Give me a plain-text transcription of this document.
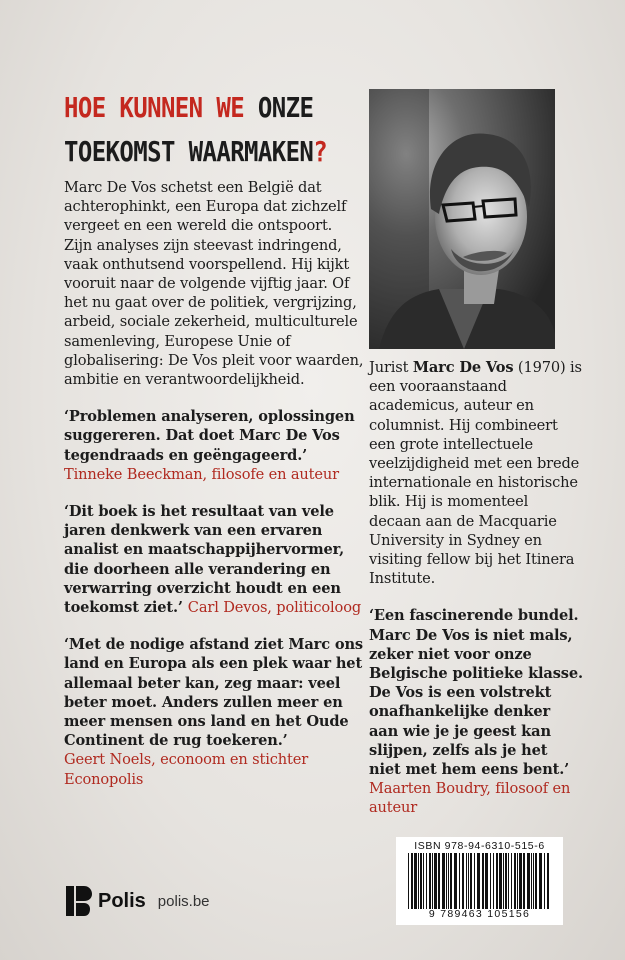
HOE KUNNEN WE ONZE
TOEKOMST WAARMAKEN?

Marc De Vos schetst een België dat achterophinkt, een Europa dat zichzelf vergeet en een wereld die ontspoort. Zijn analyses zijn steevast indringend, vaak onthutsend voorspellend. Hij kijkt vooruit naar de volgende vijftig jaar. Of het nu gaat over de politiek, vergrijzing, arbeid, sociale zekerheid, multiculturele samenleving, Europese Unie of globalisering: De Vos pleit voor waarden, ambitie en verantwoordelijkheid.

‘Problemen analyseren, oplossingen suggereren. Dat doet Marc De Vos tegendraads en geëngageerd.’
Tinneke Beeckman, filosofe en auteur
‘Dit boek is het resultaat van vele jaren denkwerk van een ervaren analist en maatschappijhervormer, die doorheen alle verandering en verwarring overzicht houdt en een toekomst ziet.’ Carl Devos, politicoloog
‘Met de nodige afstand ziet Marc ons land en Europa als een plek waar het allemaal beter kan, zeg maar: veel beter moet. Anders zullen meer en meer mensen ons land en het Oude Continent de rug toekeren.’
Geert Noels, econoom en stichter Econopolis

Jurist Marc De Vos (1970) is een vooraanstaand academicus, auteur en columnist. Hij combineert een grote intellectuele veelzijdigheid met een brede internationale en historische blik. Hij is momenteel decaan aan de Macquarie University in Sydney en visiting fellow bij het Itinera Institute.

‘Een fascinerende bundel. Marc De Vos is niet mals, zeker niet voor onze Belgische politieke klasse. De Vos is een volstrekt onafhankelijke denker aan wie je je geest kan slijpen, zelfs als je het niet met hem eens bent.’
Maarten Boudry, filosoof en auteur
ISBN 978-94-6310-515-6
9 789463 105156
Polis polis.be
